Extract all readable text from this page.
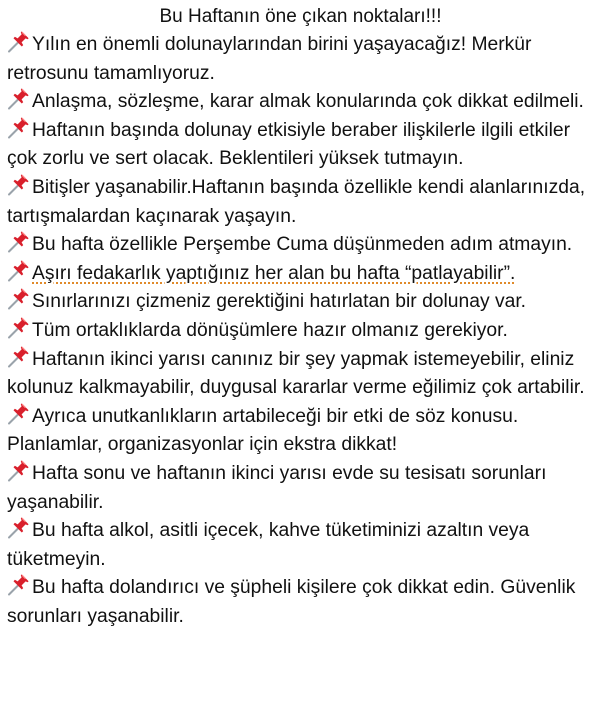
Bu Haftanın öne çıkan noktaları!!!
Yılın en önemli dolunaylarından birini yaşayacağız! Merkür retrosunu tamamlıyoruz.
Anlaşma, sözleşme, karar almak konularında çok dikkat edilmeli.
Haftanın başında dolunay etkisiyle beraber ilişkilerle ilgili etkiler çok zorlu ve sert olacak. Beklentileri yüksek tutmayın.
Bitişler yaşanabilir.Haftanın başında özellikle kendi alanlarınızda, tartışmalardan kaçınarak yaşayın.
Bu hafta özellikle Perşembe Cuma düşünmeden adım atmayın.
Aşırı fedakarlık yaptığınız her alan bu hafta “patlayabilir”.
Sınırlarınızı çizmeniz gerektiğini hatırlatan bir dolunay var.
Tüm ortaklıklarda dönüşümlere hazır olmanız gerekiyor.
Haftanın ikinci yarısı canınız bir şey yapmak istemeyebilir, eliniz kolunuz kalkmayabilir, duygusal kararlar verme eğilimiz çok artabilir.
Ayrıca unutkanlıkların artabileceği bir etki de söz konusu. Planlamlar, organizasyonlar için ekstra dikkat!
Hafta sonu ve haftanın ikinci yarısı evde su tesisatı sorunları yaşanabilir.
Bu hafta alkol, asitli içecek, kahve tüketiminizi azaltın veya tüketmeyin.
Bu hafta dolandırıcı ve şüpheli kişilere çok dikkat edin. Güvenlik sorunları yaşanabilir.
